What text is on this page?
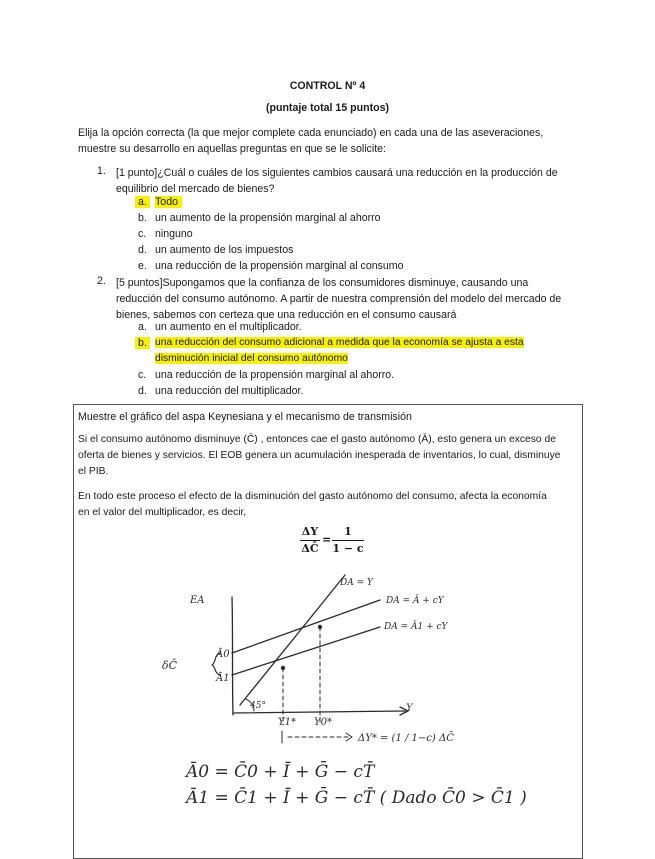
CONTROL Nº 4
(puntaje total 15 puntos)
Elija la opción correcta (la que mejor complete cada enunciado) en cada una de las aseveraciones,
muestre su desarrollo en aquellas preguntas en que se le solicite:
1. [1 punto]¿Cuál o cuáles de los siguientes cambios causará una reducción en la producción de
equilibrio del mercado de bienes?
a. Todo
b. un aumento de la propensión marginal al ahorro
c. ninguno
d. un aumento de los impuestos
e. una reducción de la propensión marginal al consumo
2. [5 puntos]Supongamos que la confianza de los consumidores disminuye, causando una
reducción del consumo autónomo. A partir de nuestra comprensión del modelo del mercado de
bienes, sabemos con certeza que una reducción en el consumo causará
a. un aumento en el multiplicador.
b. una reducción del consumo adicional a medida que la economía se ajusta a esta
disminución inicial del consumo autónomo
c. una reducción de la propensión marginal al ahorro.
d. una reducción del multiplicador.
Muestre el gráfico del aspa Keynesiana y el mecanismo de transmisión
Si el consumo autónomo disminuye (C̄) , entonces cae el gasto autónomo (Ā), esto genera un exceso de
oferta de bienes y servicios. El EOB genera un acumulación inesperada de inventarios, lo cual, disminuye
el PIB.
En todo este proceso el efecto de la disminución del gasto autónomo del consumo, afecta la economía
en el valor del multiplicador, es decir,
ΔY
ΔC̄
=
1
1 − c
EA
DA = Y
DA = Ā + cY
DA = Ā1 + cY
Ā0
Ā1
δC̄
45°	Y
Y1* Y0*
ΔY* = (1 / 1−c) ΔC̄
Ā0 = C̄0 + Ī + Ḡ − cT̄
Ā1 = C̄1 + Ī + Ḡ − cT̄ ( Dado C̄0 > C̄1 )
